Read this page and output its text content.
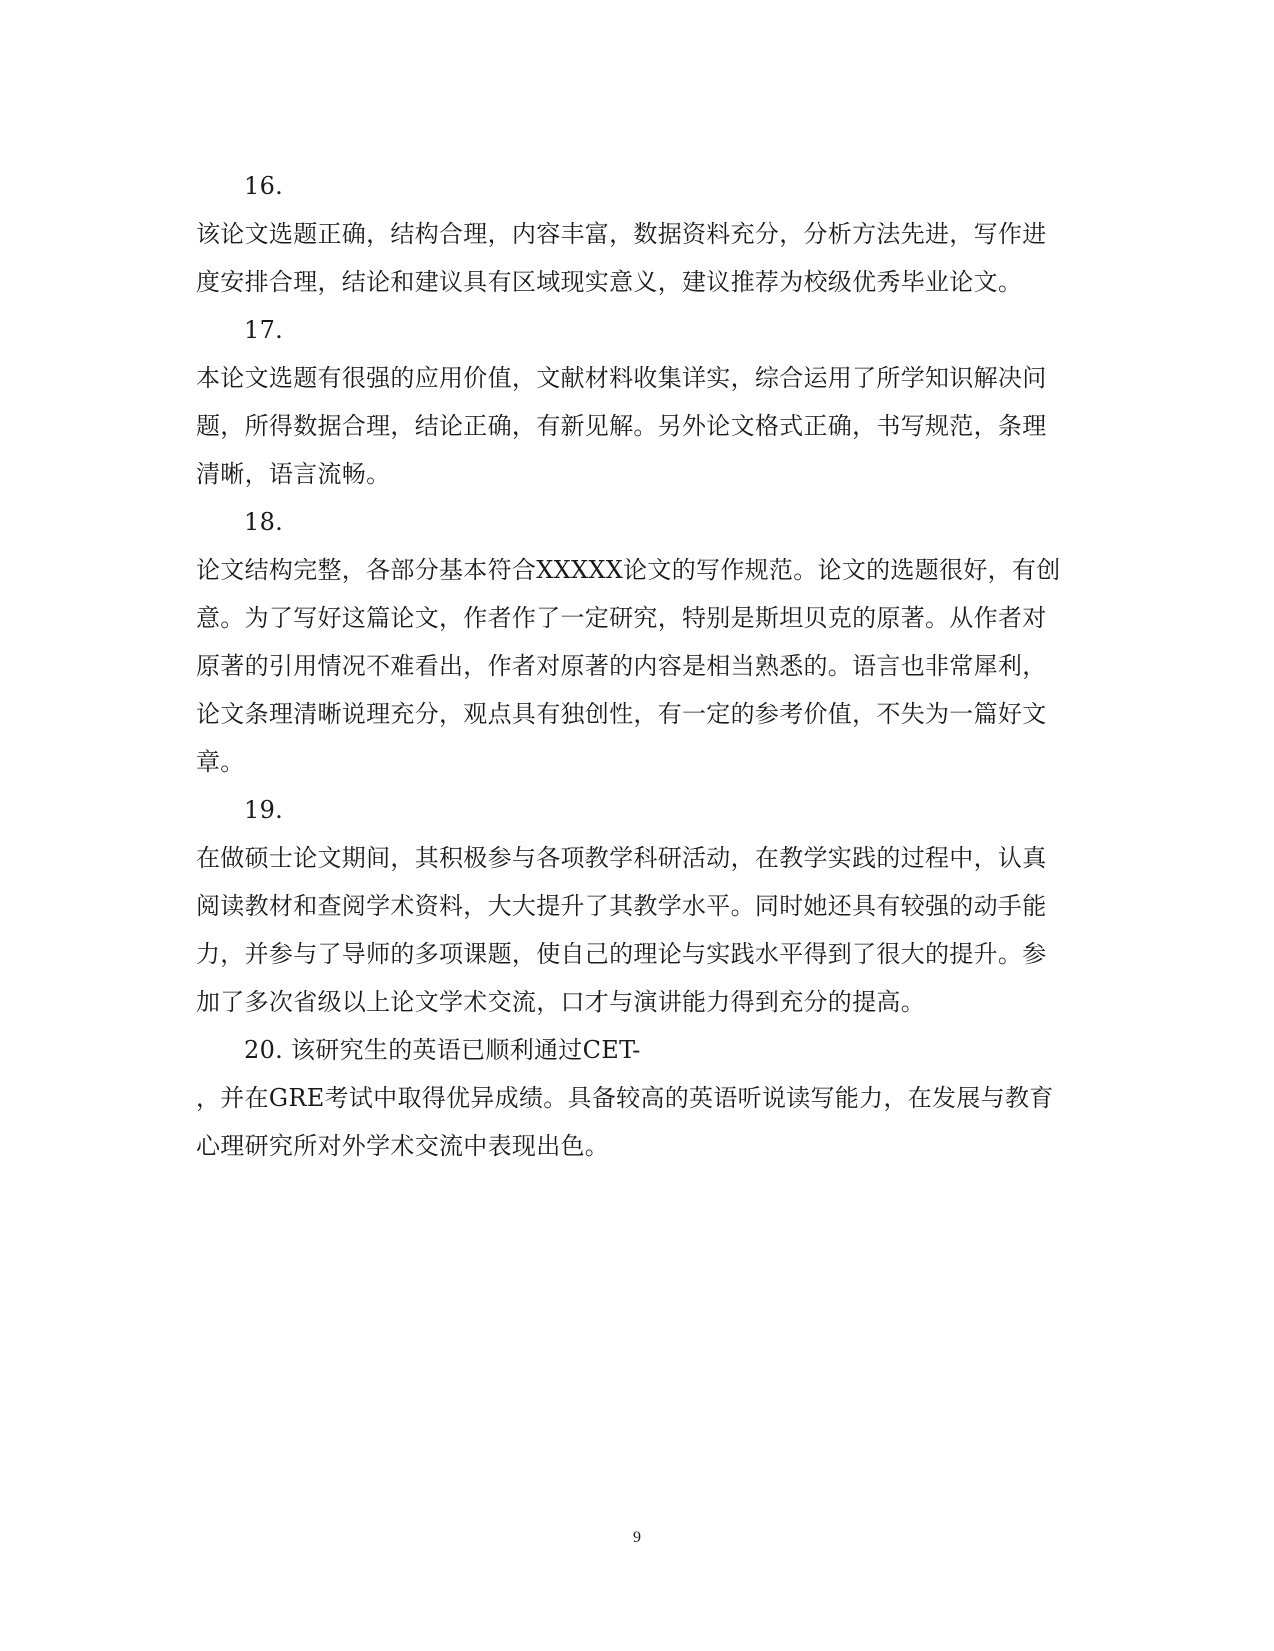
16.
该论文选题正确，结构合理，内容丰富，数据资料充分，分析方法先进，写作进
度安排合理，结论和建议具有区域现实意义，建议推荐为校级优秀毕业论文。
17.
本论文选题有很强的应用价值，文献材料收集详实，综合运用了所学知识解决问
题，所得数据合理，结论正确，有新见解。另外论文格式正确，书写规范，条理
清晰，语言流畅。
18.
论文结构完整，各部分基本符合XXXXX论文的写作规范。论文的选题很好，有创
意。为了写好这篇论文，作者作了一定研究，特别是斯坦贝克的原著。从作者对
原著的引用情况不难看出，作者对原著的内容是相当熟悉的。语言也非常犀利，
论文条理清晰说理充分，观点具有独创性，有一定的参考价值，不失为一篇好文
章。
19.
在做硕士论文期间，其积极参与各项教学科研活动，在教学实践的过程中，认真
阅读教材和查阅学术资料，大大提升了其教学水平。同时她还具有较强的动手能
力，并参与了导师的多项课题，使自己的理论与实践水平得到了很大的提升。参
加了多次省级以上论文学术交流，口才与演讲能力得到充分的提高。
20. 该研究生的英语已顺利通过CET-
，并在GRE考试中取得优异成绩。具备较高的英语听说读写能力，在发展与教育
心理研究所对外学术交流中表现出色。
9
